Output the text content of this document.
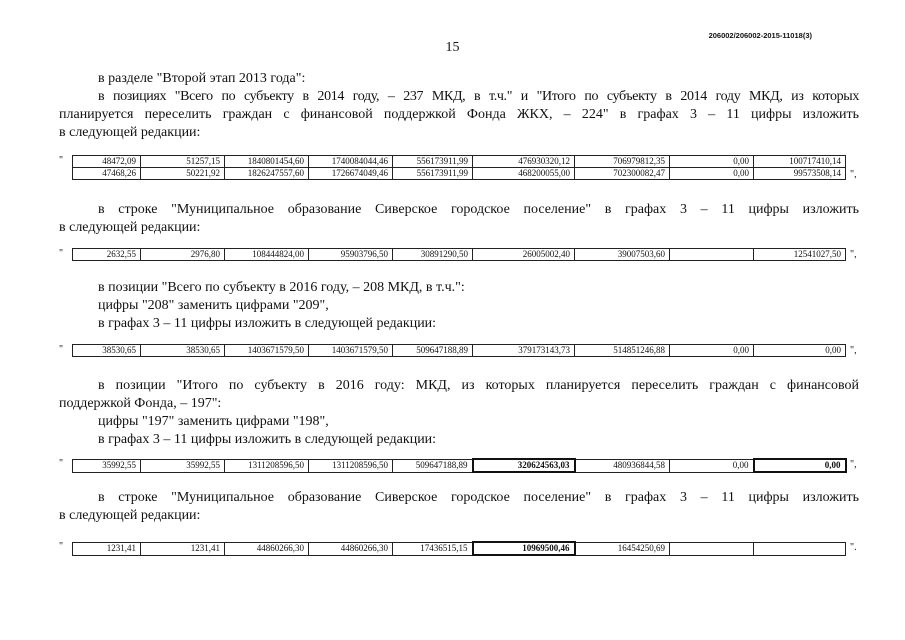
206002/206002-2015-11018(3)
15

в разделе "Второй этап 2013 года":

в позициях "Всего по субъекту в 2014 году, – 237 МКД, в т.ч." и "Итого по субъекту в 2014 году МКД, из которых

планируется переселить граждан с финансовой поддержкой Фонда ЖКХ, – 224" в графах 3 – 11 цифры изложить

в следующей редакции:

"	48472,09	51257,15	1840801454,60	1740084044,46	556173911,99	476930320,12	706979812,35	0,00	100717410,14
47468,26	50221,92	1826247557,60	1726674049,46	556173911,99	468200055,00	702300082,47	0,00	99573508,14 ",

в строке "Муниципальное образование Сиверское городское поселение" в графах 3 – 11 цифры изложить

в следующей редакции:

"	2632,55	2976,80	108444824,00	95903796,50	30891290,50	26005002,40	39007503,60		12541027,50 ",

в позиции "Всего по субъекту в 2016 году, – 208 МКД, в т.ч.":

цифры "208" заменить цифрами "209",

в графах 3 – 11 цифры изложить в следующей редакции:

"	38530,65	38530,65	1403671579,50	1403671579,50	509647188,89	379173143,73	514851246,88	0,00	0,00 ",

в позиции "Итого по субъекту в 2016 году: МКД, из которых планируется переселить граждан с финансовой

поддержкой Фонда, – 197":

цифры "197" заменить цифрами "198",

в графах 3 – 11 цифры изложить в следующей редакции:

"	35992,55	35992,55	1311208596,50	1311208596,50	509647188,89	320624563,03	480936844,58	0,00	0,00 ",

в строке "Муниципальное образование Сиверское городское поселение" в графах 3 – 11 цифры изложить

в следующей редакции:

"	1231,41	1231,41	44860266,30	44860266,30	17436515,15	10969500,46	16454250,69			".
